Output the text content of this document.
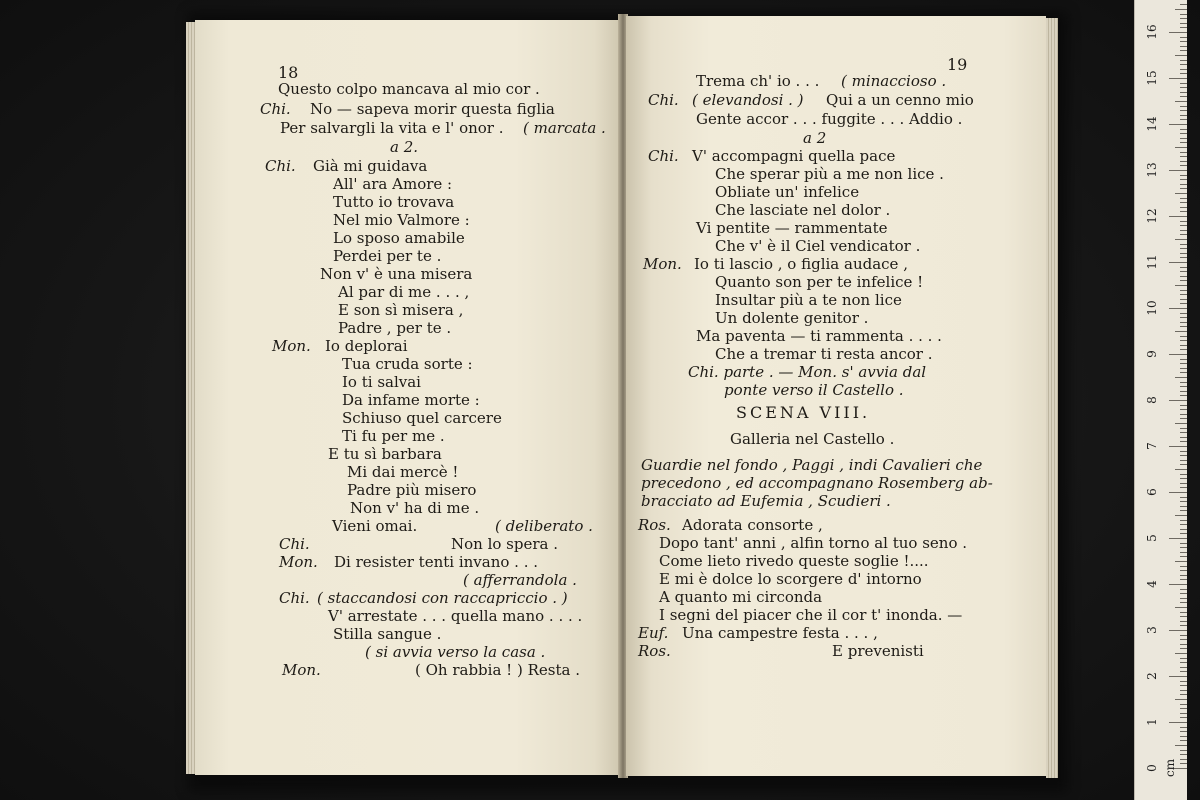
18
Questo colpo mancava al mio cor .
Chi. No — sapeva morir questa figlia
Per salvargli la vita e l' onor . ( marcata .
a 2.
Chi. Già mi guidava
All' ara Amore :
Tutto io trovava
Nel mio Valmore :
Lo sposo amabile
Perdei per te .
Non v' è una misera
Al par di me . . . ,
E son sì misera ,
Padre , per te .
Mon. Io deplorai
Tua cruda sorte :
Io ti salvai
Da infame morte :
Schiuso quel carcere
Ti fu per me .
E tu sì barbara
Mi dai mercè !
Padre più misero
Non v' ha di me .
Vieni omai.	( deliberato .
Chi.	Non lo spera .
Mon. Di resister tenti invano . . .
( afferrandola .
Chi. ( staccandosi con raccapriccio . )
V' arrestate . . . quella mano . . . .
Stilla sangue .
( si avvia verso la casa .
Mon.	( Oh rabbia ! ) Resta .
19
Trema ch' io . . . ( minaccioso .
Chi. ( elevandosi . ) Qui a un cenno mio
Gente accor . . . fuggite . . . Addio .
a 2
Chi. V' accompagni quella pace
Che sperar più a me non lice .
Obliate un' infelice
Che lasciate nel dolor .
Vi pentite — rammentate
Che v' è il Ciel vendicator .
Mon. Io ti lascio , o figlia audace ,
Quanto son per te infelice !
Insultar più a te non lice
Un dolente genitor .
Ma paventa — ti rammenta . . . .
Che a tremar ti resta ancor .
Chi. parte . — Mon. s' avvia dal
ponte verso il Castello .
SCENA VIII.
Galleria nel Castello .
Guardie nel fondo , Paggi , indi Cavalieri che
precedono , ed accompagnano Rosemberg ab-
bracciato ad Eufemia , Scudieri .
Ros. Adorata consorte ,
Dopo tant' anni , alfin torno al tuo seno .
Come lieto rivedo queste soglie !....
E mi è dolce lo scorgere d' intorno
A quanto mi circonda
I segni del piacer che il cor t' inonda. —
Euf. Una campestre festa . . . ,
Ros.	E prevenisti
0 cm
1
2
3
4
5
6
7
8
9
10
11
12
13
14
15
16
